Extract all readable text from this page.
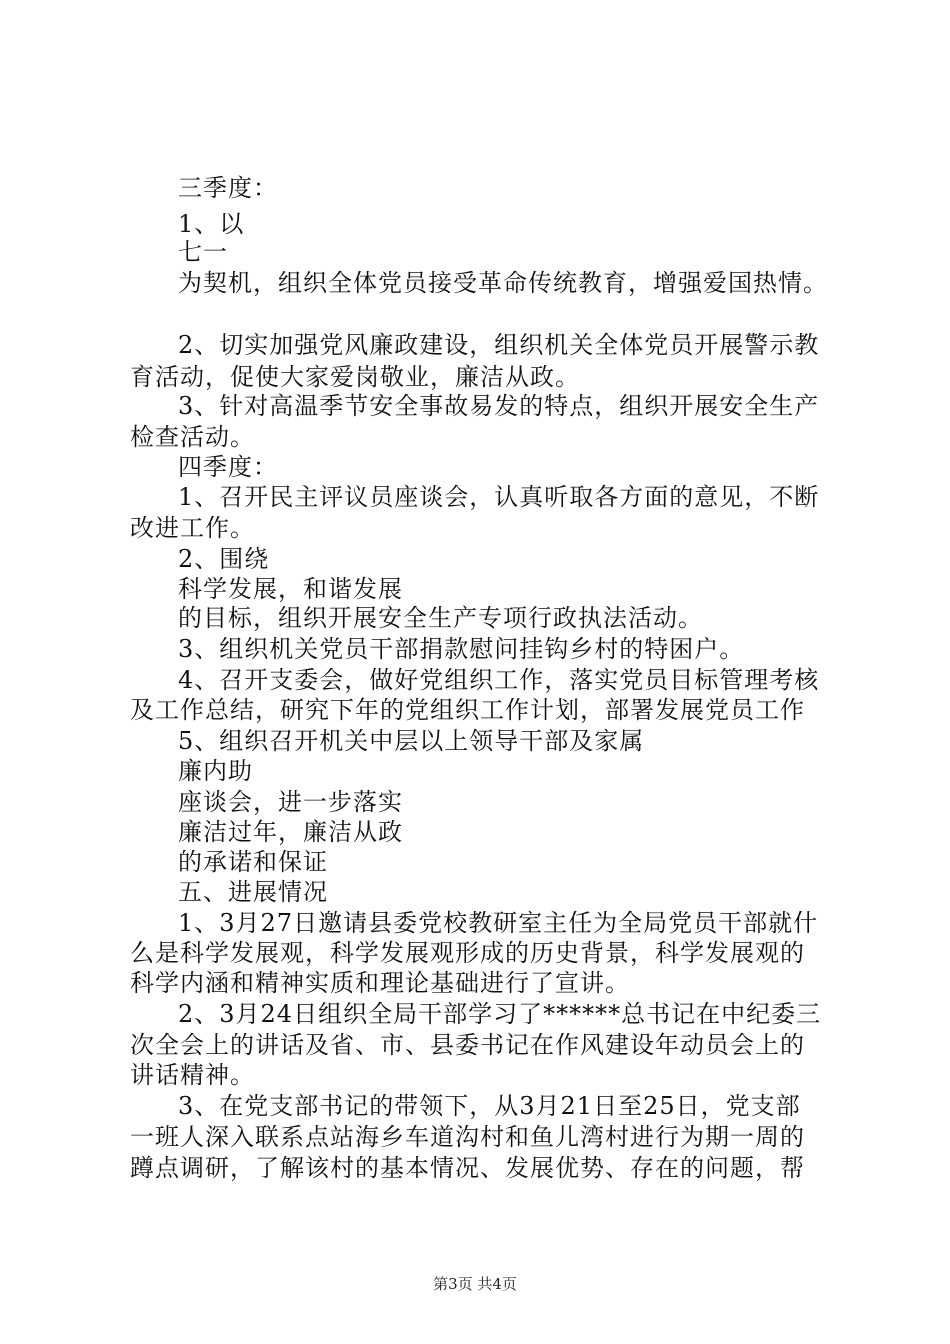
三季度：
1、以
七一
为契机，组织全体党员接受革命传统教育，增强爱国热情。
2、切实加强党风廉政建设，组织机关全体党员开展警示教
育活动，促使大家爱岗敬业，廉洁从政。
3、针对高温季节安全事故易发的特点，组织开展安全生产
检查活动。
四季度：
1、召开民主评议员座谈会，认真听取各方面的意见，不断
改进工作。
2、围绕
科学发展，和谐发展
的目标，组织开展安全生产专项行政执法活动。
3、组织机关党员干部捐款慰问挂钩乡村的特困户。
4、召开支委会，做好党组织工作，落实党员目标管理考核
及工作总结，研究下年的党组织工作计划，部署发展党员工作
5、组织召开机关中层以上领导干部及家属
廉内助
座谈会，进一步落实
廉洁过年，廉洁从政
的承诺和保证
五、进展情况
1、3月27日邀请县委党校教研室主任为全局党员干部就什
么是科学发展观，科学发展观形成的历史背景，科学发展观的
科学内涵和精神实质和理论基础进行了宣讲。
2、3月24日组织全局干部学习了******总书记在中纪委三
次全会上的讲话及省、市、县委书记在作风建设年动员会上的
讲话精神。
3、在党支部书记的带领下，从3月21日至25日，党支部
一班人深入联系点站海乡车道沟村和鱼儿湾村进行为期一周的
蹲点调研，了解该村的基本情况、发展优势、存在的问题，帮
第3页 共4页
